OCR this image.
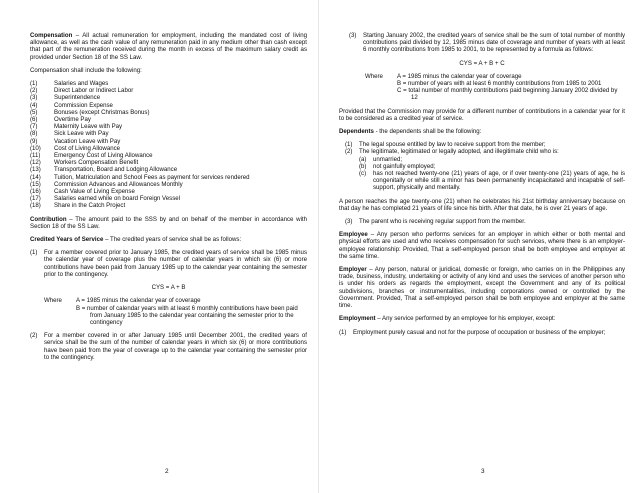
Compensation – All actual remuneration for employment, including the mandated cost of living allowance, as well as the cash value of any remuneration paid in any medium other than cash except that part of the remuneration received during the month in excess of the maximum salary credit as provided under Section 18 of the SS Law.

Compensation shall include the following:

(1)	Salaries and Wages
(2)	Direct Labor or Indirect Labor
(3)	Superintendence
(4)	Commission Expense
(5)	Bonuses (except Christmas Bonus)
(6)	Overtime Pay
(7)	Maternity Leave with Pay
(8)	Sick Leave with Pay
(9)	Vacation Leave with Pay
(10)	Cost of Living Allowance
(11)	Emergency Cost of Living Allowance
(12)	Workers Compensation Benefit
(13)	Transportation, Board and Lodging Allowance
(14)	Tuition, Matriculation and School Fees as payment for services rendered
(15)	Commission Advances and Allowances Monthly
(16)	Cash Value of Living Expense
(17)	Salaries earned while on board Foreign Vessel
(18)	Share in the Catch Project

Contribution – The amount paid to the SSS by and on behalf of the member in accordance with Section 18 of the SS Law.

Credited Years of Service – The credited years of service shall be as follows:

(1)	For a member covered prior to January 1985, the credited years of service shall be 1985 minus the calendar year of coverage plus the number of calendar years in which six (6) or more contributions have been paid from January 1985 up to the calendar year containing the semester prior to the contingency.
CYS = A + B
Where	A = 1985 minus the calendar year of coverage
B = number of calendar years with at least 6 monthly contributions have been paid from January 1985 to the calendar year containing the semester prior to the contingency
(2)	For a member covered in or after January 1985 until December 2001, the credited years of service shall be the sum of the number of calendar years in which six (6) or more contributions have been paid from the year of coverage up to the calendar year containing the semester prior to the contingency.
2
(3)	Starting January 2002, the credited years of service shall be the sum of total number of monthly contributions paid divided by 12, 1985 minus date of coverage and number of years with at least 6 monthly contributions from 1985 to 2001, to be represented by a formula as follows:
CYS = A + B + C
Where	A = 1985 minus the calendar year of coverage
B = number of years with at least 6 monthly contributions from 1985 to 2001
C = total number of monthly contributions paid beginning January 2002 divided by 12

Provided that the Commission may provide for a different number of contributions in a calendar year for it to be considered as a credited year of service.

Dependents - the dependents shall be the following:

(1)	The legal spouse entitled by law to receive support from the member;
(2)	The legitimate, legitimated or legally adopted, and illegitimate child who is:
(a)	unmarried;
(b)	not gainfully employed;
(c)	has not reached twenty-one (21) years of age, or if over twenty-one (21) years of age, he is congenitally or while still a minor has been permanently incapacitated and incapable of self-support, physically and mentally.

A person reaches the age twenty-one (21) when he celebrates his 21st birthday anniversary because on that day he has completed 21 years of life since his birth. After that date, he is over 21 years of age.

(3)	The parent who is receiving regular support from the member.

Employee – Any person who performs services for an employer in which either or both mental and physical efforts are used and who receives compensation for such services, where there is an employer-employee relationship: Provided, That a self-employed person shall be both employee and employer at the same time.

Employer – Any person, natural or juridical, domestic or foreign, who carries on in the Philippines any trade, business, industry, undertaking or activity of any kind and uses the services of another person who is under his orders as regards the employment, except the Government and any of its political subdivisions, branches or instrumentalities, including corporations owned or controlled by the Government. Provided, That a self-employed person shall be both employee and employer at the same time.

Employment – Any service performed by an employee for his employer, except:

(1)	Employment purely casual and not for the purpose of occupation or business of the employer;
3
